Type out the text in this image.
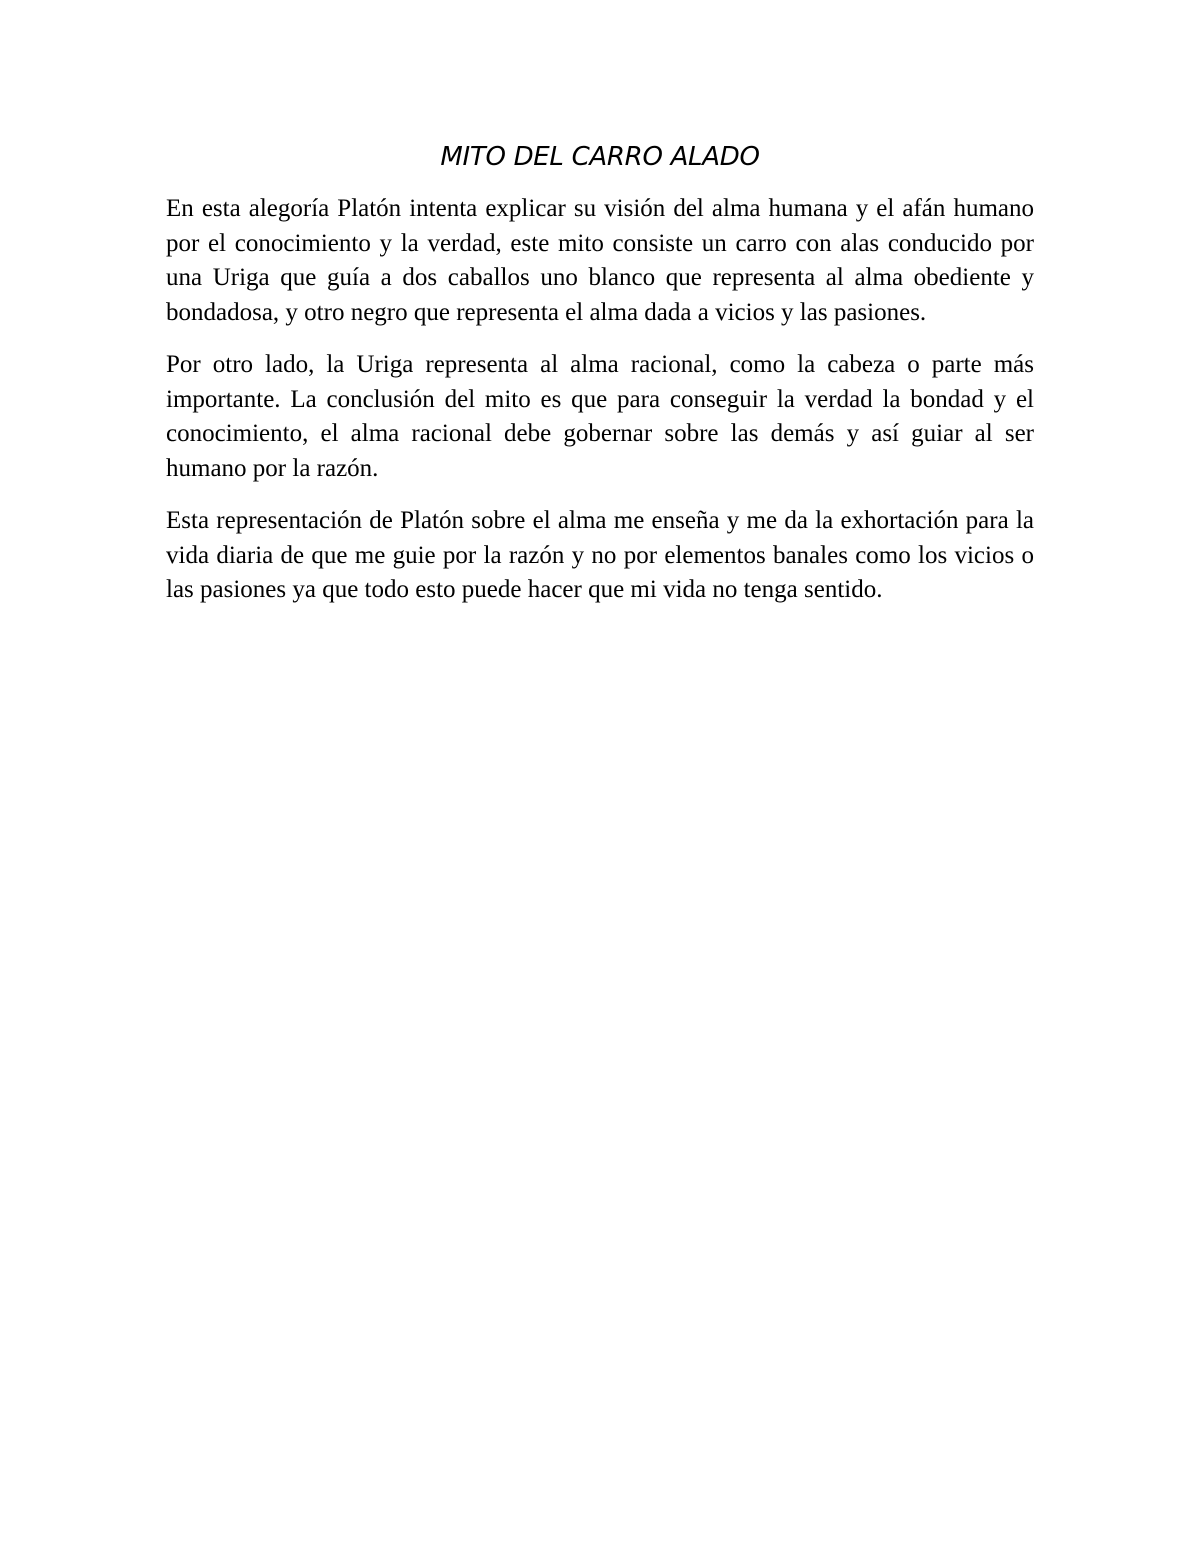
MITO DEL CARRO ALADO

En esta alegoría Platón intenta explicar su visión del alma humana y el afán humano por el conocimiento y la verdad, este mito consiste un carro con alas conducido por una Uriga que guía a dos caballos uno blanco que representa al alma obediente y bondadosa, y otro negro que representa el alma dada a vicios y las pasiones.

Por otro lado, la Uriga representa al alma racional, como la cabeza o parte más importante. La conclusión del mito es que para conseguir la verdad la bondad y el conocimiento, el alma racional debe gobernar sobre las demás y así guiar al ser humano por la razón.

Esta representación de Platón sobre el alma me enseña y me da la exhortación para la vida diaria de que me guie por la razón y no por elementos banales como los vicios o las pasiones ya que todo esto puede hacer que mi vida no tenga sentido.
